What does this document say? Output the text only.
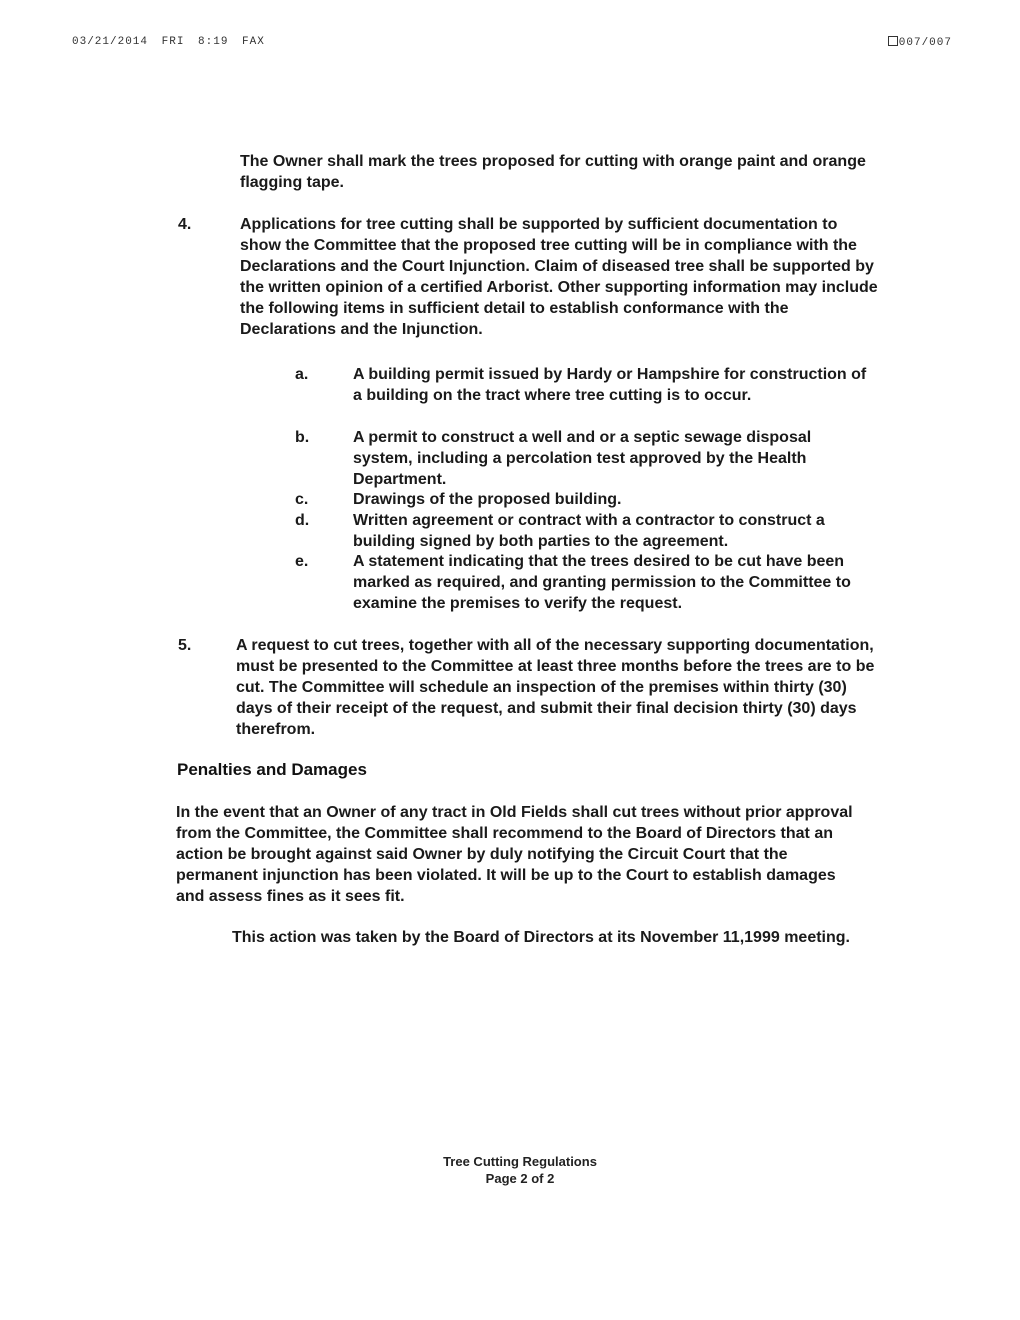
03/21/2014 FRI 8:19 FAX	007/007
The Owner shall mark the trees proposed for cutting with orange paint and orange flagging tape.
4.	Applications for tree cutting shall be supported by sufficient documentation to show the Committee that the proposed tree cutting will be in compliance with the Declarations and the Court Injunction. Claim of diseased tree shall be supported by the written opinion of a certified Arborist. Other supporting information may include the following items in sufficient detail to establish conformance with the Declarations and the Injunction.
a.	A building permit issued by Hardy or Hampshire for construction of a building on the tract where tree cutting is to occur.
b.	A permit to construct a well and or a septic sewage disposal system, including a percolation test approved by the Health Department.
c.	Drawings of the proposed building.
d.	Written agreement or contract with a contractor to construct a building signed by both parties to the agreement.
e.	A statement indicating that the trees desired to be cut have been marked as required, and granting permission to the Committee to examine the premises to verify the request.
5.	A request to cut trees, together with all of the necessary supporting documentation, must be presented to the Committee at least three months before the trees are to be cut. The Committee will schedule an inspection of the premises within thirty (30) days of their receipt of the request, and submit their final decision thirty (30) days therefrom.
Penalties and Damages
In the event that an Owner of any tract in Old Fields shall cut trees without prior approval from the Committee, the Committee shall recommend to the Board of Directors that an action be brought against said Owner by duly notifying the Circuit Court that the permanent injunction has been violated. It will be up to the Court to establish damages and assess fines as it sees fit.
This action was taken by the Board of Directors at its November 11,1999 meeting.
Tree Cutting Regulations
Page 2 of 2
